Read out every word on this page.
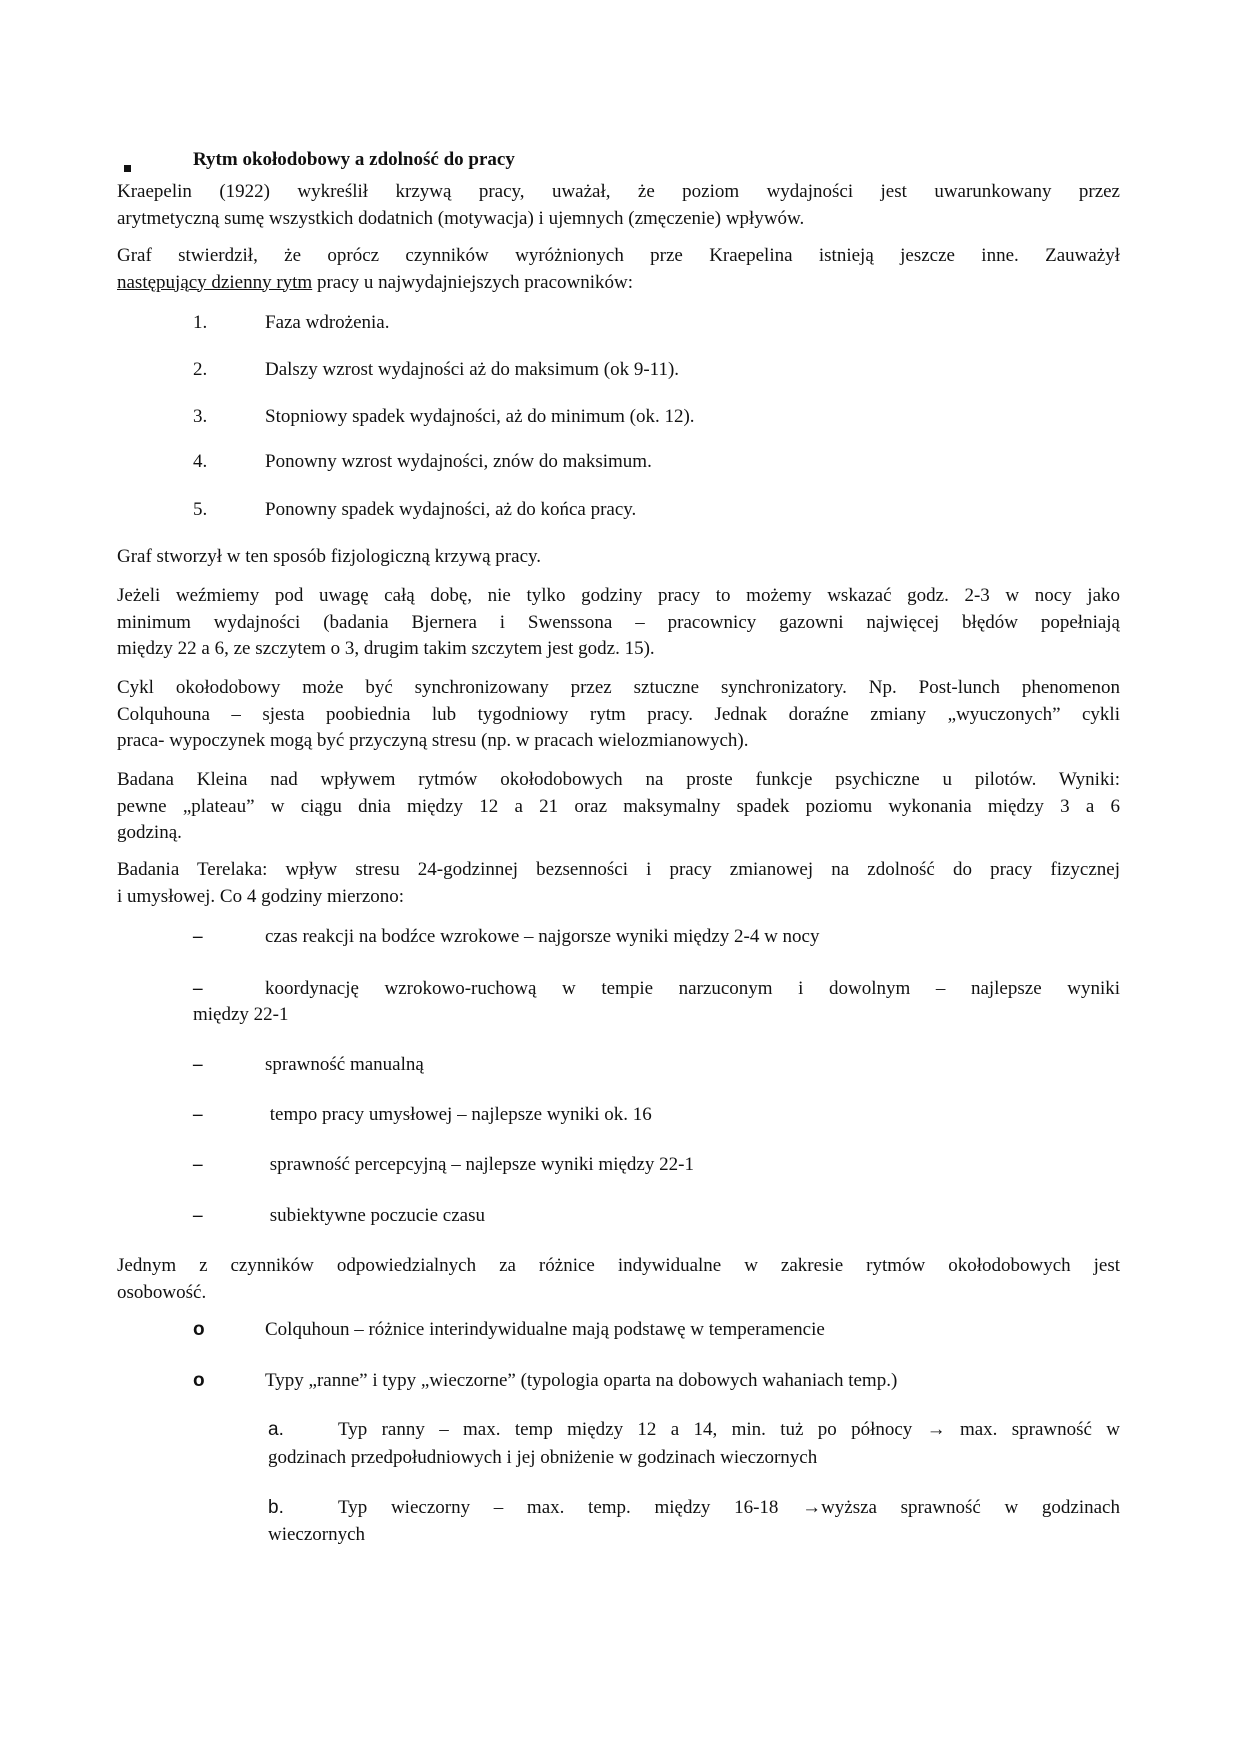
Rytm okołodobowy a zdolność do pracy
Kraepelin (1922) wykreślił krzywą pracy, uważał, że poziom wydajności jest uwarunkowany przez
arytmetyczną sumę wszystkich dodatnich (motywacja) i ujemnych (zmęczenie) wpływów.
Graf stwierdził, że oprócz czynników wyróżnionych prze Kraepelina istnieją jeszcze inne. Zauważył
następujący dzienny rytm pracy u najwydajniejszych pracowników:
1.	Faza wdrożenia.
2.	Dalszy wzrost wydajności aż do maksimum (ok 9-11).
3.	Stopniowy spadek wydajności, aż do minimum (ok. 12).
4.	Ponowny wzrost wydajności, znów do maksimum.
5.	Ponowny spadek wydajności, aż do końca pracy.
Graf stworzył w ten sposób fizjologiczną krzywą pracy.
Jeżeli weźmiemy pod uwagę całą dobę, nie tylko godziny pracy to możemy wskazać godz. 2-3 w nocy jako
minimum wydajności (badania Bjernera i Swenssona – pracownicy gazowni najwięcej błędów popełniają
między 22 a 6, ze szczytem o 3, drugim takim szczytem jest godz. 15).
Cykl okołodobowy może być synchronizowany przez sztuczne synchronizatory. Np. Post-lunch phenomenon
Colquhouna – sjesta poobiednia lub tygodniowy rytm pracy. Jednak doraźne zmiany „wyuczonych” cykli
praca- wypoczynek mogą być przyczyną stresu (np. w pracach wielozmianowych).
Badana Kleina nad wpływem rytmów okołodobowych na proste funkcje psychiczne u pilotów. Wyniki:
pewne „plateau” w ciągu dnia między 12 a 21 oraz maksymalny spadek poziomu wykonania między 3 a 6
godziną.
Badania Terelaka: wpływ stresu 24-godzinnej bezsenności i pracy zmianowej na zdolność do pracy fizycznej
i umysłowej. Co 4 godziny mierzono:
–	czas reakcji na bodźce wzrokowe – najgorsze wyniki między 2-4 w nocy
–	koordynację wzrokowo-ruchową w tempie narzuconym i dowolnym – najlepsze wyniki
między 22-1
–	sprawność manualną
–	tempo pracy umysłowej – najlepsze wyniki ok. 16
–	sprawność percepcyjną – najlepsze wyniki między 22-1
–	subiektywne poczucie czasu
Jednym z czynników odpowiedzialnych za różnice indywidualne w zakresie rytmów okołodobowych jest
osobowość.
o	Colquhoun – różnice interindywidualne mają podstawę w temperamencie
o	Typy „ranne” i typy „wieczorne” (typologia oparta na dobowych wahaniach temp.)
a.	Typ ranny – max. temp między 12 a 14, min. tuż po północy → max. sprawność w
godzinach przedpołudniowych i jej obniżenie w godzinach wieczornych
b.	Typ wieczorny – max. temp. między 16-18 →wyższa sprawność w godzinach
wieczornych
